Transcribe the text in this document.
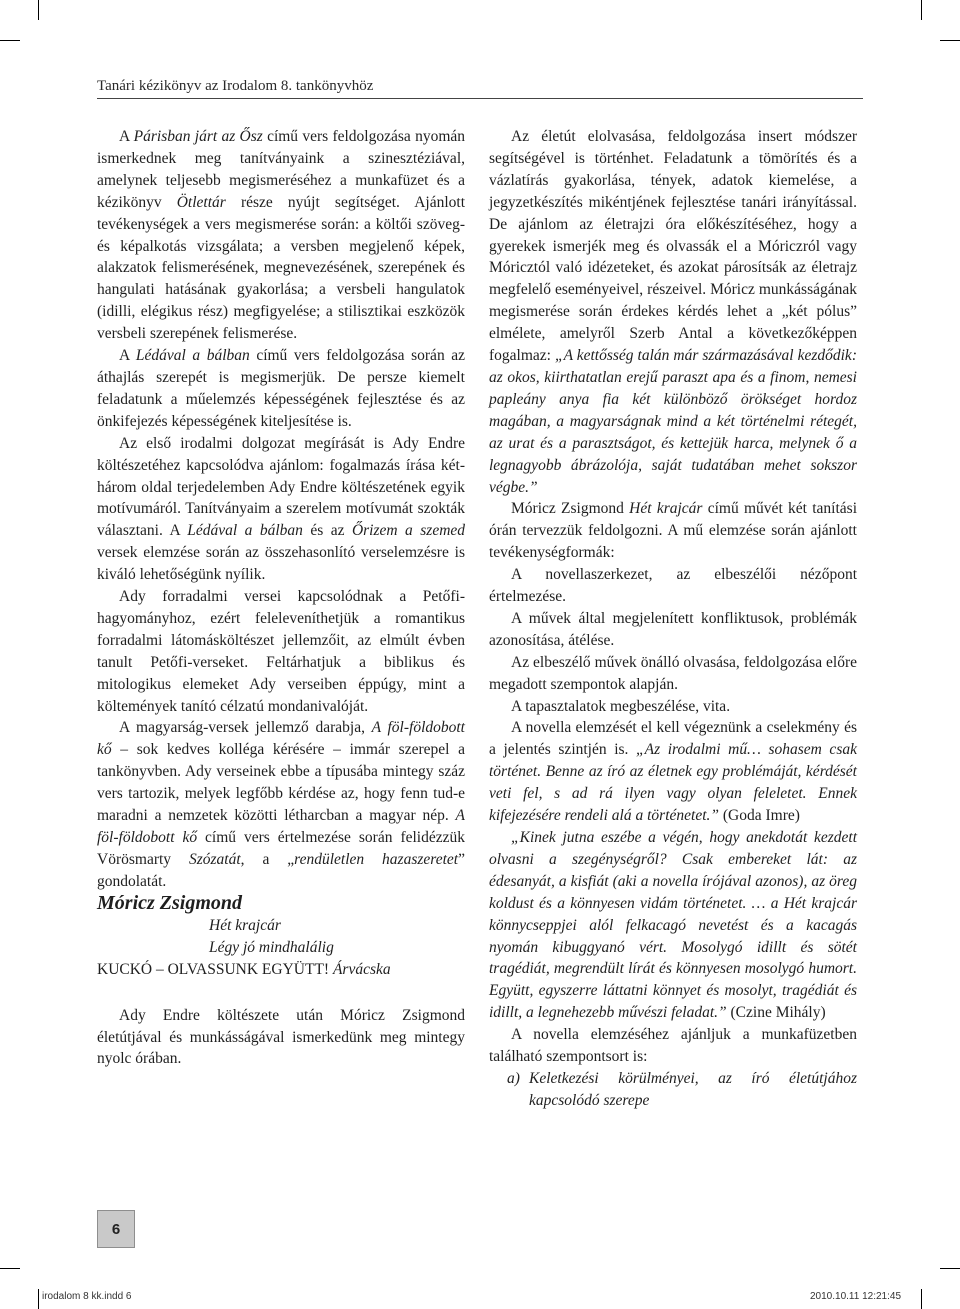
Tanári kézikönyv az Irodalom 8. tankönyvhöz

A Párisban járt az Ősz című vers feldolgozása nyomán ismerkednek meg tanítványaink a szinesztéziával, amelynek teljesebb megismeréséhez a munkafüzet és a kézikönyv Ötlettár része nyújt segítséget. Ajánlott tevékenységek a vers megismerése során: a költői szöveg- és képalkotás vizsgálata; a versben megjelenő képek, alakzatok felismerésének, megnevezésének, szerepének és hangulati hatásának gyakorlása; a versbeli hangulatok (idilli, elégikus rész) megfigyelése; a stilisztikai eszközök versbeli szerepének felismerése.

A Lédával a bálban című vers feldolgozása során az áthajlás szerepét is megismerjük. De persze kiemelt feladatunk a műelemzés képességének fejlesztése és az önkifejezés képességének kiteljesítése is.

Az első irodalmi dolgozat megírását is Ady Endre költészetéhez kapcsolódva ajánlom: fogalmazás írása két-három oldal terjedelemben Ady Endre költészetének egyik motívumáról. Tanítványaim a szerelem motívumát szokták választani. A Lédával a bálban és az Őrizem a szemed versek elemzése során az összehasonlító verselemzésre is kiváló lehetőségünk nyílik.

Ady forradalmi versei kapcsolódnak a Petőfi-hagyományhoz, ezért feleleveníthetjük a romantikus forradalmi látomásköltészet jellemzőit, az elmúlt évben tanult Petőfi-verseket. Feltárhatjuk a biblikus és mitologikus elemeket Ady verseiben éppúgy, mint a költemények tanító célzatú mondanivalóját.

A magyarság-versek jellemző darabja, A föl-földobott kő – sok kedves kolléga kérésére – immár szerepel a tankönyvben. Ady verseinek ebbe a típusába mintegy száz vers tartozik, melyek legfőbb kérdése az, hogy fenn tud-e maradni a nemzetek közötti létharcban a magyar nép. A föl-földobott kő című vers értelmezése során felidézzük Vörösmarty Szózatát, a „rendületlen hazaszeretet” gondolatát.

Móricz Zsigmond

Hét krajcár
Légy jó mindhalálig
KUCKÓ – OLVASSUNK EGYÜTT! Árvácska

Ady Endre költészete után Móricz Zsigmond életútjával és munkásságával ismerkedünk meg mintegy nyolc órában.

Az életút elolvasása, feldolgozása insert módszer segítségével is történhet. Feladatunk a tömörítés és a vázlatírás gyakorlása, tények, adatok kiemelése, a jegyzetkészítés mikéntjének fejlesztése tanári irányítással. De ajánlom az életrajzi óra előkészítéséhez, hogy a gyerekek ismerjék meg és olvassák el a Móriczról vagy Móricztól való idézeteket, és azokat párosítsák az életrajz megfelelő eseményeivel, részeivel. Móricz munkásságának megismerése során érdekes kérdés lehet a „két pólus” elmélete, amelyről Szerb Antal a következőképpen fogalmaz: „A kettősség talán már származásával kezdődik: az okos, kiirthatatlan erejű paraszt apa és a finom, nemesi papleány anya fia két különböző örökséget hordoz magában, a magyarságnak mind a két történelmi rétegét, az urat és a parasztságot, és kettejük harca, melynek ő a legnagyobb ábrázolója, saját tudatában mehet sokszor végbe.”

Móricz Zsigmond Hét krajcár című művét két tanítási órán tervezzük feldolgozni. A mű elemzése során ajánlott tevékenységformák:

A novellaszerkezet, az elbeszélői nézőpont értelmezése.

A művek által megjelenített konfliktusok, problémák azonosítása, átélése.

Az elbeszélő művek önálló olvasása, feldolgozása előre megadott szempontok alapján.

A tapasztalatok megbeszélése, vita.

A novella elemzését el kell végeznünk a cselekmény és a jelentés szintjén is. „Az irodalmi mű… sohasem csak történet. Benne az író az életnek egy problémáját, kérdését veti fel, s ad rá ilyen vagy olyan feleletet. Ennek kifejezésére rendeli alá a történetet.” (Goda Imre)

„Kinek jutna eszébe a végén, hogy anekdotát kezdett olvasni a szegénységről? Csak embereket lát: az édesanyát, a kisfiát (aki a novella írójával azonos), az öreg koldust és a könnyesen vidám történetet. … a Hét krajcár könnycseppjei alól felkacagó nevetést és a kacagás nyomán kibuggyanó vért. Mosolygó idillt és sötét tragédiát, megrendült lírát és könnyesen mosolygó humort. Együtt, egyszerre láttatni könnyet és mosolyt, tragédiát és idillt, a legnehezebb művészi feladat.” (Czine Mihály)

A novella elemzéséhez ajánljuk a munkafüzetben található szempontsort is:

a) Keletkezési körülményei, az író életútjához kapcsolódó szerepe

6
irodalom 8 kk.indd 6	2010.10.11 12:21:45
